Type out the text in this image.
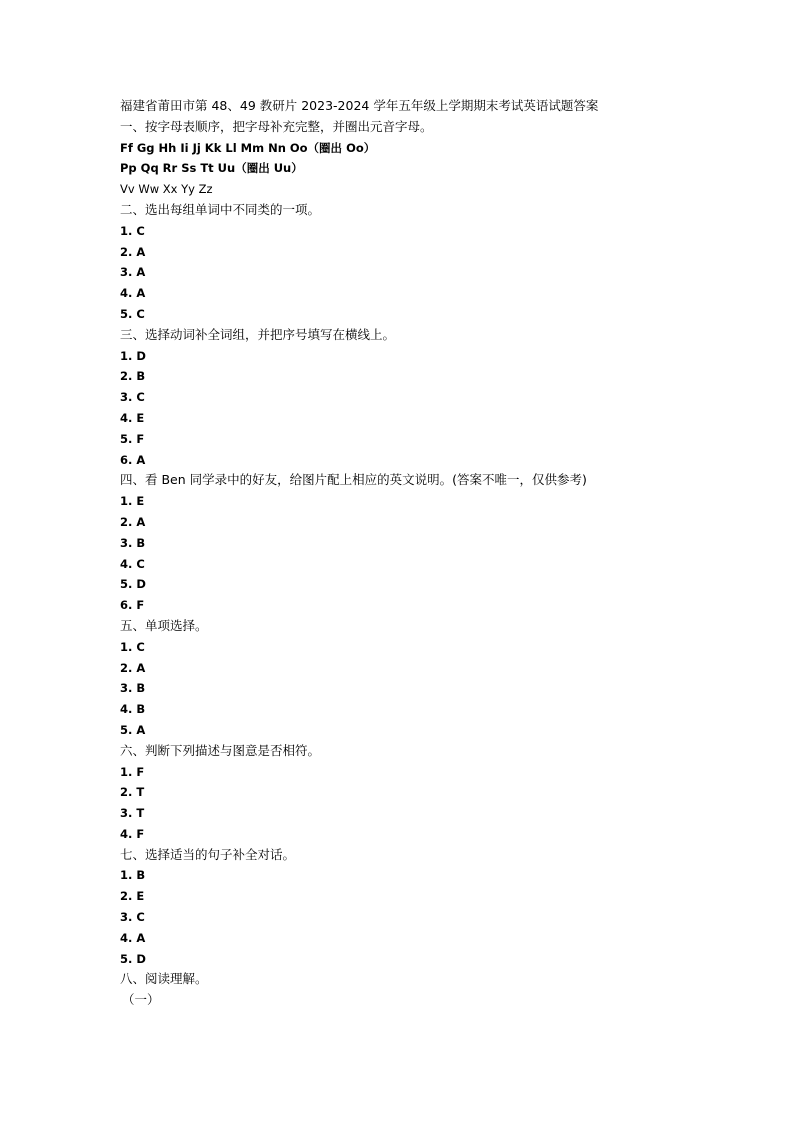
福建省莆田市第 48、49 教研片 2023-2024 学年五年级上学期期末考试英语试题答案
一、按字母表顺序，把字母补充完整，并圈出元音字母。
Ff Gg Hh Ii Jj Kk Ll Mm Nn Oo（圈出 Oo）
Pp Qq Rr Ss Tt Uu（圈出 Uu）
Vv Ww Xx Yy Zz
二、选出每组单词中不同类的一项。
1. C
2. A
3. A
4. A
5. C
三、选择动词补全词组，并把序号填写在横线上。
1. D
2. B
3. C
4. E
5. F
6. A
四、看 Ben 同学录中的好友，给图片配上相应的英文说明。(答案不唯一，仅供参考)
1. E
2. A
3. B
4. C
5. D
6. F
五、单项选择。
1. C
2. A
3. B
4. B
5. A
六、判断下列描述与图意是否相符。
1. F
2. T
3. T
4. F
七、选择适当的句子补全对话。
1. B
2. E
3. C
4. A
5. D
八、阅读理解。
（一）
